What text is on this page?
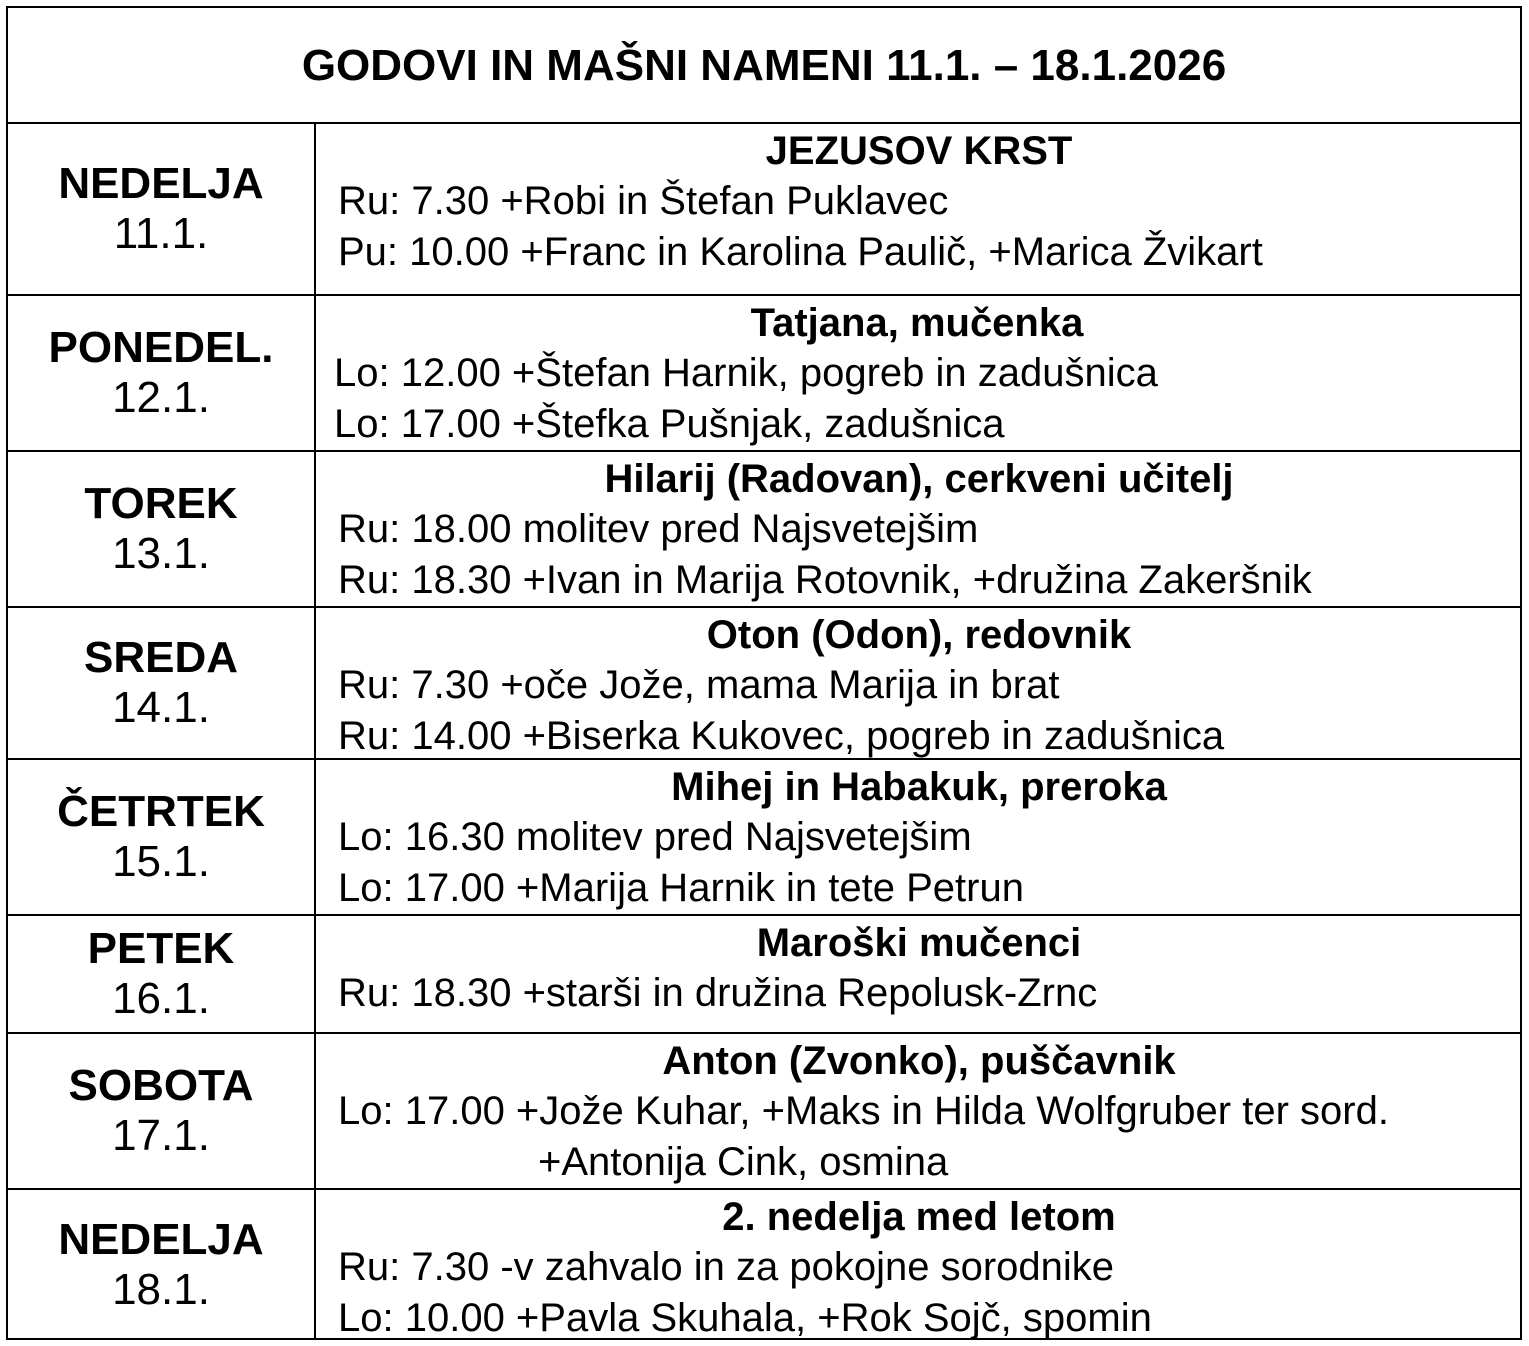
GODOVI IN MAŠNI NAMENI 11.1. – 18.1.2026
NEDELJA
11.1.
JEZUSOV KRST
Ru: 7.30 +Robi in Štefan Puklavec
Pu: 10.00 +Franc in Karolina Paulič, +Marica Žvikart
PONEDEL.
12.1.
Tatjana, mučenka
Lo: 12.00 +Štefan Harnik, pogreb in zadušnica
Lo: 17.00 +Štefka Pušnjak, zadušnica
TOREK
13.1.
Hilarij (Radovan), cerkveni učitelj
Ru: 18.00 molitev pred Najsvetejšim
Ru: 18.30 +Ivan in Marija Rotovnik, +družina Zakeršnik
SREDA
14.1.
Oton (Odon), redovnik
Ru: 7.30 +oče Jože, mama Marija in brat
Ru: 14.00 +Biserka Kukovec, pogreb in zadušnica
ČETRTEK
15.1.
Mihej in Habakuk, preroka
Lo: 16.30 molitev pred Najsvetejšim
Lo: 17.00 +Marija Harnik in tete Petrun
PETEK
16.1.
Maroški mučenci
Ru: 18.30 +starši in družina Repolusk-Zrnc
SOBOTA
17.1.
Anton (Zvonko), puščavnik
Lo: 17.00 +Jože Kuhar, +Maks in Hilda Wolfgruber ter sord.
+Antonija Cink, osmina
NEDELJA
18.1.
2. nedelja med letom
Ru: 7.30 -v zahvalo in za pokojne sorodnike
Lo: 10.00 +Pavla Skuhala, +Rok Sojč, spomin
